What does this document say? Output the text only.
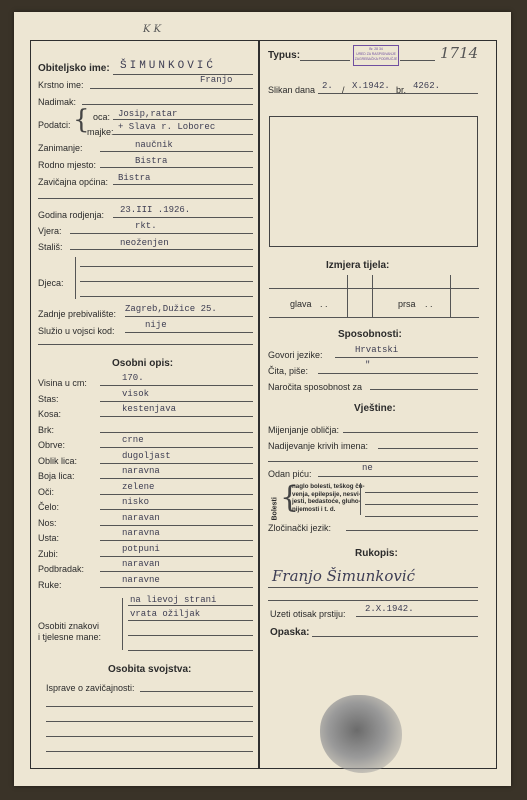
K K
1714
Obiteljsko ime: ŠIMUNKOVIĆ
Krstno ime:	Franjo
Nadimak:
Podatci: { oca: Josip,ratar
majke: + Slava r. Loborec
Zanimanje:	naučnik
Rodno mjesto:	Bistra
Zavičajna općina: Bistra
Godina rodjenja: 23.III .1926.
Vjera:	rkt.
Stališ:	neoženjen
Djeca:
Zadnje prebivalište: Zagreb,Dužice 25.
Služio u vojsci kod:
nije
Osobni opis:
Visina u cm:	170.
Stas:	visok
Kosa:	kestenjava
Brk:
Obrve:	crne
Oblik lica:	dugoljast
Boja lica:	naravna
Oči:	zelene
Čelo:	nisko
Nos:	naravan
Usta:	naravna
Zubi:	potpuni
Podbradak:	naravan
Ruke:	naravne
Osobiti znakovi
i tjelesne mane:
na lievoj strani
vrata ožiljak
Osobita svojstva:
Isprave o zavičajnosti:
Typus:
Br. 28 34
URED ZA RASPISIVANJE
ZAGREBAČKA PODRUČJE
Slikan dana 2. / X.1942. br. 4262.
Izmjera tijela:
glava . .	prsa . .
Sposobnosti:
Govori jezike:	Hrvatski
Čita, piše:
"
Naročita sposobnost za
Vještine:
Mijenjanje obličja:
Nadijevanje krivih imena:
Odan piću:
ne
Bolesti {
naglo bolesti, teškog ču-
venja, epilepsije, nesvi-
jesti, bedastoće, gluho-
nijemosti i t. d.
Zločinački jezik:
Rukopis:
Franjo Šimunković
Uzeti otisak prstiju: 2.X.1942.
Opaska:
